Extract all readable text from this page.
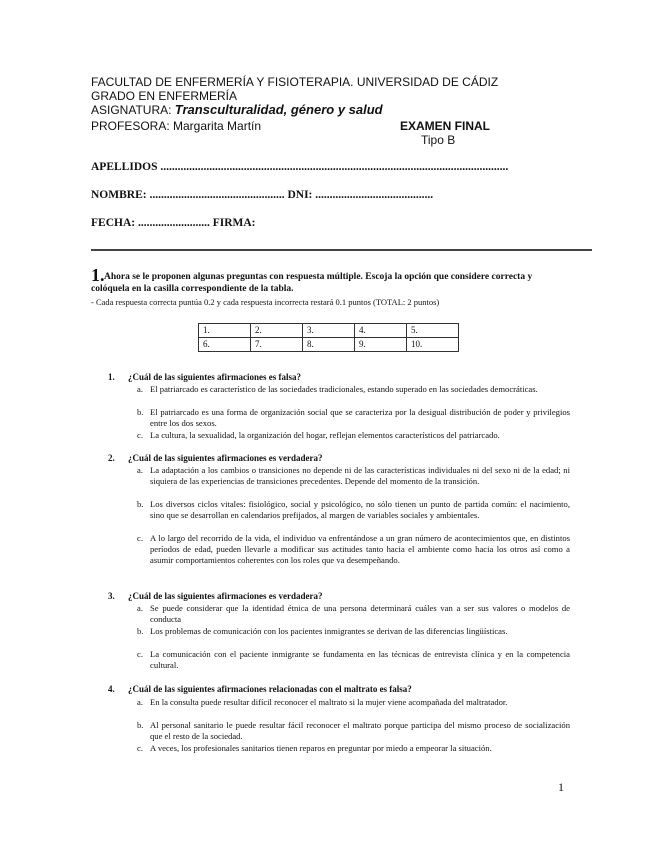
FACULTAD DE ENFERMERÍA Y FISIOTERAPIA. UNIVERSIDAD DE CÁDIZ
GRADO EN ENFERMERÍA
ASIGNATURA: Transculturalidad, género y salud
PROFESORA: Margarita Martín	EXAMEN FINAL
Tipo B
APELLIDOS .........................................................................................................................
NOMBRE: ............................................... DNI: .........................................
FECHA: ......................... FIRMA:
1. Ahora se le proponen algunas preguntas con respuesta múltiple. Escoja la opción que considere correcta y
colóquela en la casilla correspondiente de la tabla.
- Cada respuesta correcta puntúa 0.2 y cada respuesta incorrecta restará 0.1 puntos (TOTAL: 2 puntos)
1.	2.	3.	4.	5.
6.	7.	8.	9.	10.
1. ¿Cuál de las siguientes afirmaciones es falsa?
a. El patriarcado es característico de las sociedades tradicionales, estando superado en las sociedades democráticas.
b. El patriarcado es una forma de organización social que se caracteriza por la desigual distribución de poder y privilegios entre los dos sexos.
c. La cultura, la sexualidad, la organización del hogar, reflejan elementos característicos del patriarcado.
2. ¿Cuál de las siguientes afirmaciones es verdadera?
a. La adaptación a los cambios o transiciones no depende ni de las características individuales ni del sexo ni de la edad; ni siquiera de las experiencias de transiciones precedentes. Depende del momento de la transición.
b. Los diversos ciclos vitales: fisiológico, social y psicológico, no sólo tienen un punto de partida común: el nacimiento, sino que se desarrollan en calendarios prefijados, al margen de variables sociales y ambientales.
c. A lo largo del recorrido de la vida, el individuo va enfrentándose a un gran número de acontecimientos que, en distintos períodos de edad, pueden llevarle a modificar sus actitudes tanto hacia el ambiente como hacia los otros así como a asumir comportamientos coherentes con los roles que va desempeñando.
3. ¿Cuál de las siguientes afirmaciones es verdadera?
a. Se puede considerar que la identidad étnica de una persona determinará cuáles van a ser sus valores o modelos de conducta
b. Los problemas de comunicación con los pacientes inmigrantes se derivan de las diferencias lingüísticas.
c. La comunicación con el paciente inmigrante se fundamenta en las técnicas de entrevista clínica y en la competencia cultural.
4. ¿Cuál de las siguientes afirmaciones relacionadas con el maltrato es falsa?
a. En la consulta puede resultar difícil reconocer el maltrato si la mujer viene acompañada del maltratador.
b. Al personal sanitario le puede resultar fácil reconocer el maltrato porque participa del mismo proceso de socialización que el resto de la sociedad.
c. A veces, los profesionales sanitarios tienen reparos en preguntar por miedo a empeorar la situación.
1
